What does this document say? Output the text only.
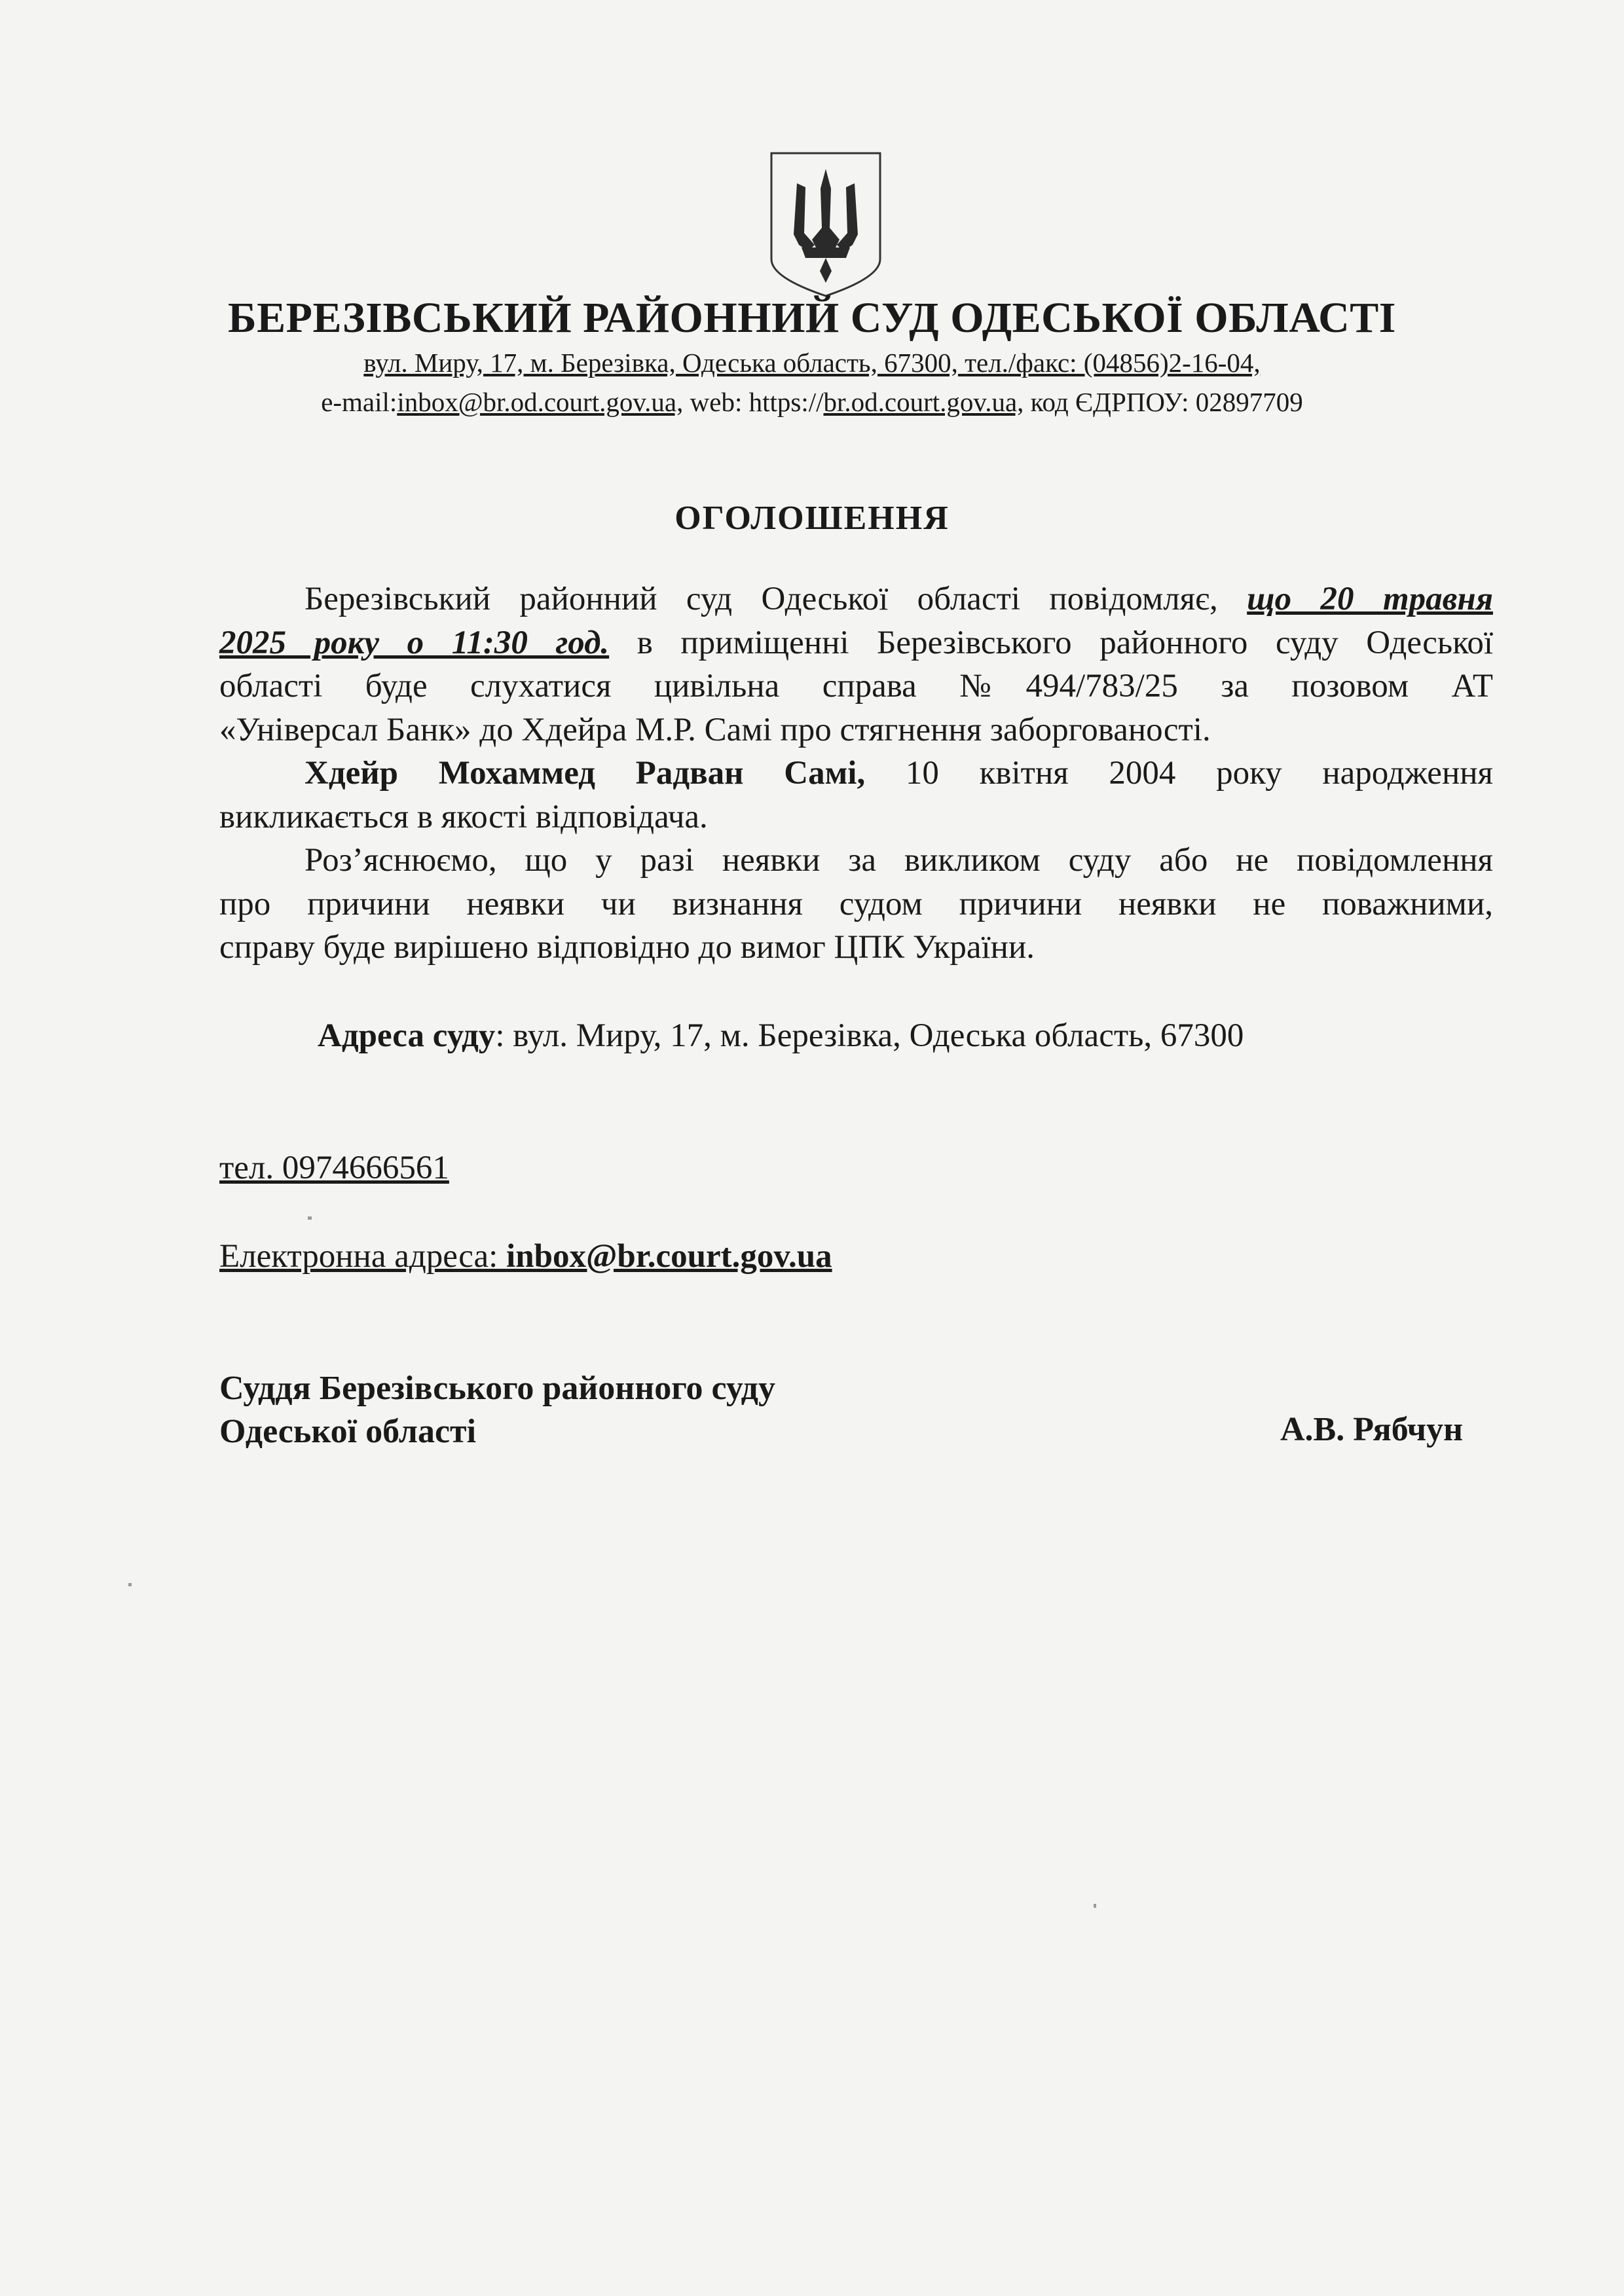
БЕРЕЗІВСЬКИЙ РАЙОННИЙ СУД ОДЕСЬКОЇ ОБЛАСТІ
вул. Миру, 17, м. Березівка, Одеська область, 67300, тел./факс: (04856)2-16-04,
e-mail:inbox@br.od.court.gov.ua, web: https://br.od.court.gov.ua, код ЄДРПОУ: 02897709
ОГОЛОШЕННЯ
Березівський районний суд Одеської області повідомляє, що 20 травня
2025 року о 11:30 год. в приміщенні Березівського районного суду Одеської
області буде слухатися цивільна справа №494/783/25 за позовом АТ
«Універсал Банк» до Хдейра М.Р. Самі про стягнення заборгованості.
Хдейр Мохаммед Радван Самі, 10 квітня 2004 року народження
викликається в якості відповідача.
Роз’яснюємо, що у разі неявки за викликом суду або не повідомлення
про причини неявки чи визнання судом причини неявки не поважними,
справу буде вирішено відповідно до вимог ЦПК України.
Адреса суду: вул. Миру, 17, м. Березівка, Одеська область, 67300
тел. 0974666561
Електронна адреса: inbox@br.court.gov.ua
Суддя Березівського районного суду
Одеської області	А.В. Рябчун
